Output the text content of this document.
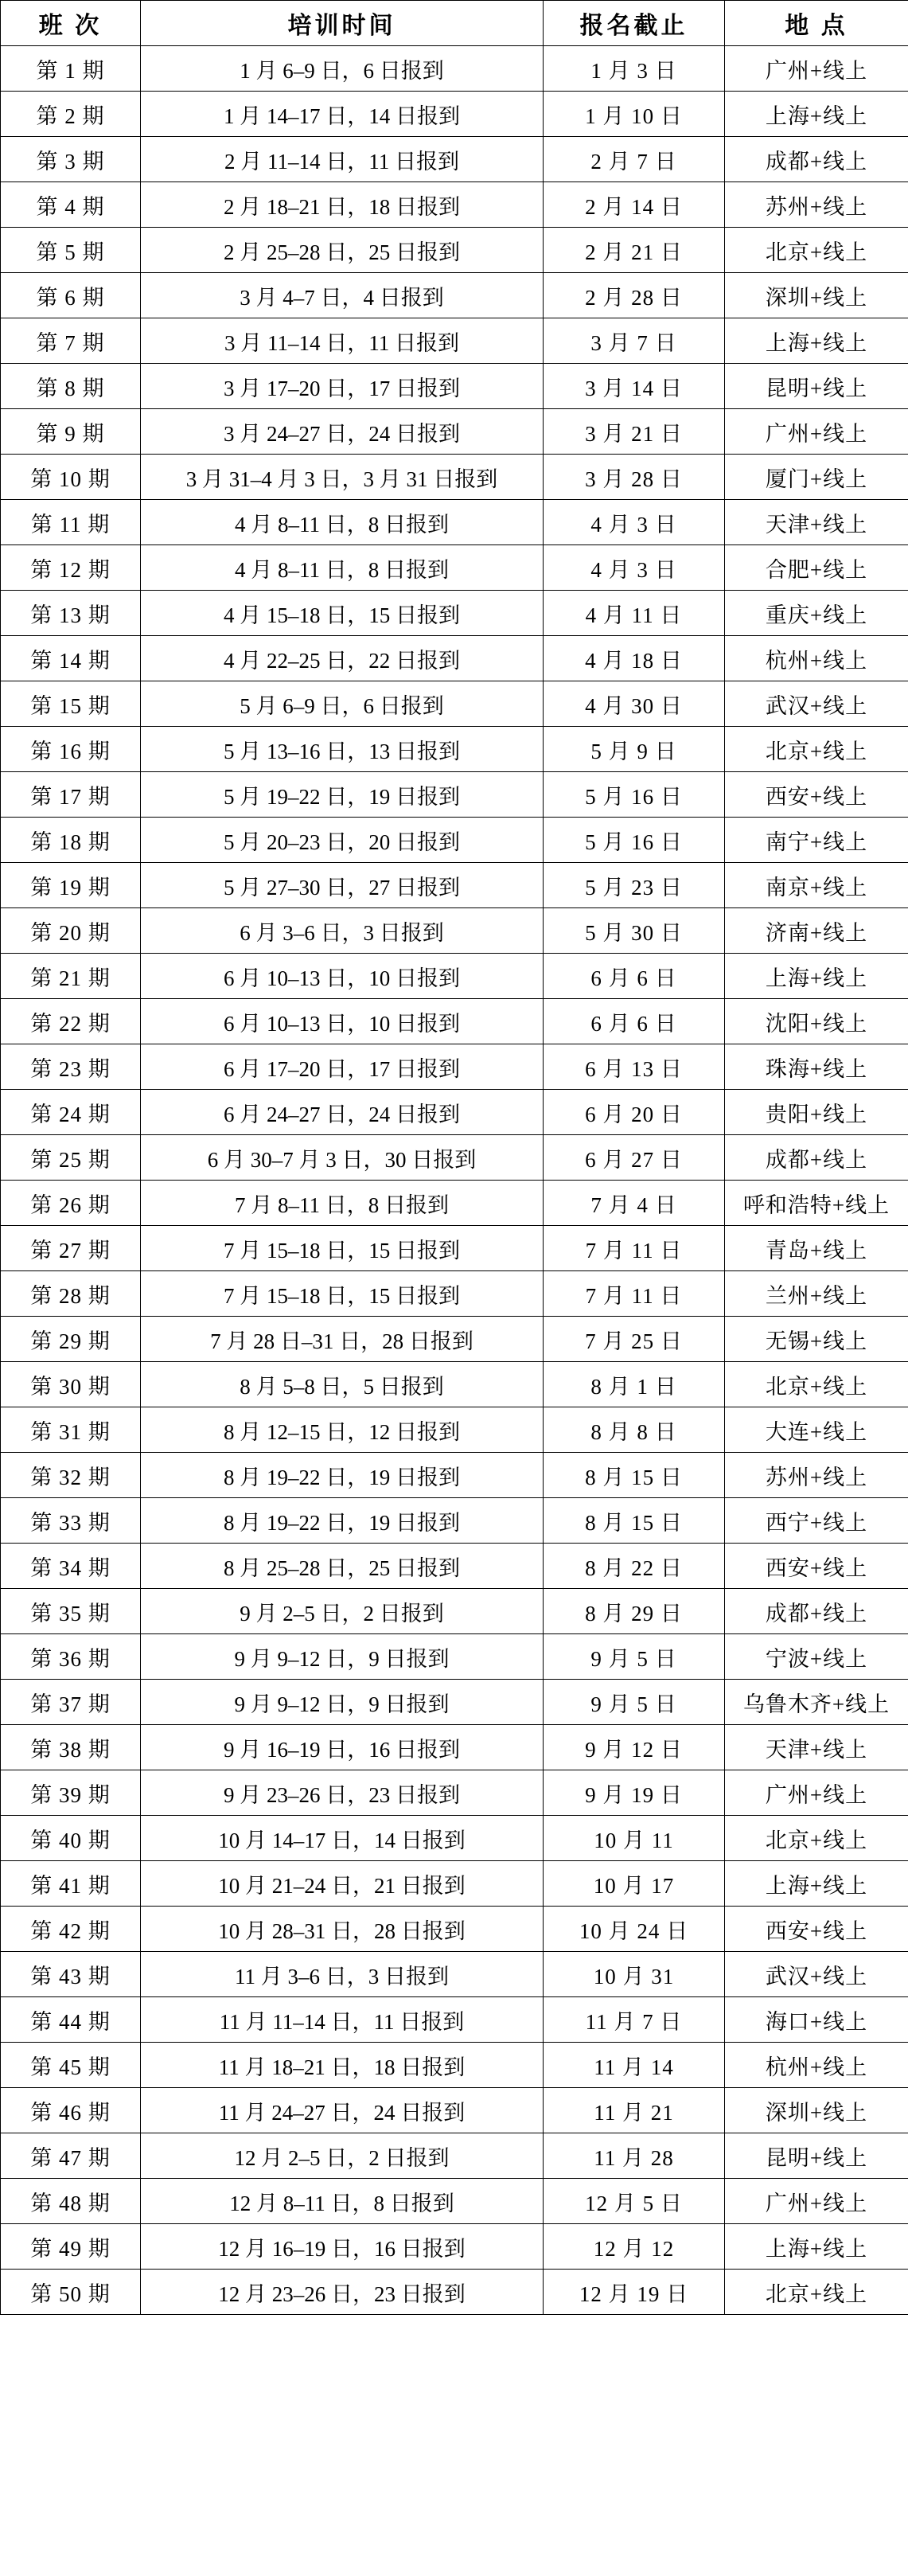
班 次	培训时间	报名截止	地 点
第 1 期	1 月 6–9 日，6 日报到	1 月 3 日	广州+线上
第 2 期	1 月 14–17 日，14 日报到	1 月 10 日	上海+线上
第 3 期	2 月 11–14 日，11 日报到	2 月 7 日	成都+线上
第 4 期	2 月 18–21 日，18 日报到	2 月 14 日	苏州+线上
第 5 期	2 月 25–28 日，25 日报到	2 月 21 日	北京+线上
第 6 期	3 月 4–7 日，4 日报到	2 月 28 日	深圳+线上
第 7 期	3 月 11–14 日，11 日报到	3 月 7 日	上海+线上
第 8 期	3 月 17–20 日，17 日报到	3 月 14 日	昆明+线上
第 9 期	3 月 24–27 日，24 日报到	3 月 21 日	广州+线上
第 10 期	3 月 31–4 月 3 日，3 月 31 日报到	3 月 28 日	厦门+线上
第 11 期	4 月 8–11 日，8 日报到	4 月 3 日	天津+线上
第 12 期	4 月 8–11 日，8 日报到	4 月 3 日	合肥+线上
第 13 期	4 月 15–18 日，15 日报到	4 月 11 日	重庆+线上
第 14 期	4 月 22–25 日，22 日报到	4 月 18 日	杭州+线上
第 15 期	5 月 6–9 日，6 日报到	4 月 30 日	武汉+线上
第 16 期	5 月 13–16 日，13 日报到	5 月 9 日	北京+线上
第 17 期	5 月 19–22 日，19 日报到	5 月 16 日	西安+线上
第 18 期	5 月 20–23 日，20 日报到	5 月 16 日	南宁+线上
第 19 期	5 月 27–30 日，27 日报到	5 月 23 日	南京+线上
第 20 期	6 月 3–6 日，3 日报到	5 月 30 日	济南+线上
第 21 期	6 月 10–13 日，10 日报到	6 月 6 日	上海+线上
第 22 期	6 月 10–13 日，10 日报到	6 月 6 日	沈阳+线上
第 23 期	6 月 17–20 日，17 日报到	6 月 13 日	珠海+线上
第 24 期	6 月 24–27 日，24 日报到	6 月 20 日	贵阳+线上
第 25 期	6 月 30–7 月 3 日，30 日报到	6 月 27 日	成都+线上
第 26 期	7 月 8–11 日，8 日报到	7 月 4 日	呼和浩特+线上
第 27 期	7 月 15–18 日，15 日报到	7 月 11 日	青岛+线上
第 28 期	7 月 15–18 日，15 日报到	7 月 11 日	兰州+线上
第 29 期	7 月 28 日–31 日，28 日报到	7 月 25 日	无锡+线上
第 30 期	8 月 5–8 日，5 日报到	8 月 1 日	北京+线上
第 31 期	8 月 12–15 日，12 日报到	8 月 8 日	大连+线上
第 32 期	8 月 19–22 日，19 日报到	8 月 15 日	苏州+线上
第 33 期	8 月 19–22 日，19 日报到	8 月 15 日	西宁+线上
第 34 期	8 月 25–28 日，25 日报到	8 月 22 日	西安+线上
第 35 期	9 月 2–5 日，2 日报到	8 月 29 日	成都+线上
第 36 期	9 月 9–12 日，9 日报到	9 月 5 日	宁波+线上
第 37 期	9 月 9–12 日，9 日报到	9 月 5 日	乌鲁木齐+线上
第 38 期	9 月 16–19 日，16 日报到	9 月 12 日	天津+线上
第 39 期	9 月 23–26 日，23 日报到	9 月 19 日	广州+线上
第 40 期	10 月 14–17 日，14 日报到	10 月 11	北京+线上
第 41 期	10 月 21–24 日，21 日报到	10 月 17	上海+线上
第 42 期	10 月 28–31 日，28 日报到	10 月 24 日	西安+线上
第 43 期	11 月 3–6 日，3 日报到	10 月 31	武汉+线上
第 44 期	11 月 11–14 日，11 日报到	11 月 7 日	海口+线上
第 45 期	11 月 18–21 日，18 日报到	11 月 14	杭州+线上
第 46 期	11 月 24–27 日，24 日报到	11 月 21	深圳+线上
第 47 期	12 月 2–5 日，2 日报到	11 月 28	昆明+线上
第 48 期	12 月 8–11 日，8 日报到	12 月 5 日	广州+线上
第 49 期	12 月 16–19 日，16 日报到	12 月 12	上海+线上
第 50 期	12 月 23–26 日，23 日报到	12 月 19 日	北京+线上
